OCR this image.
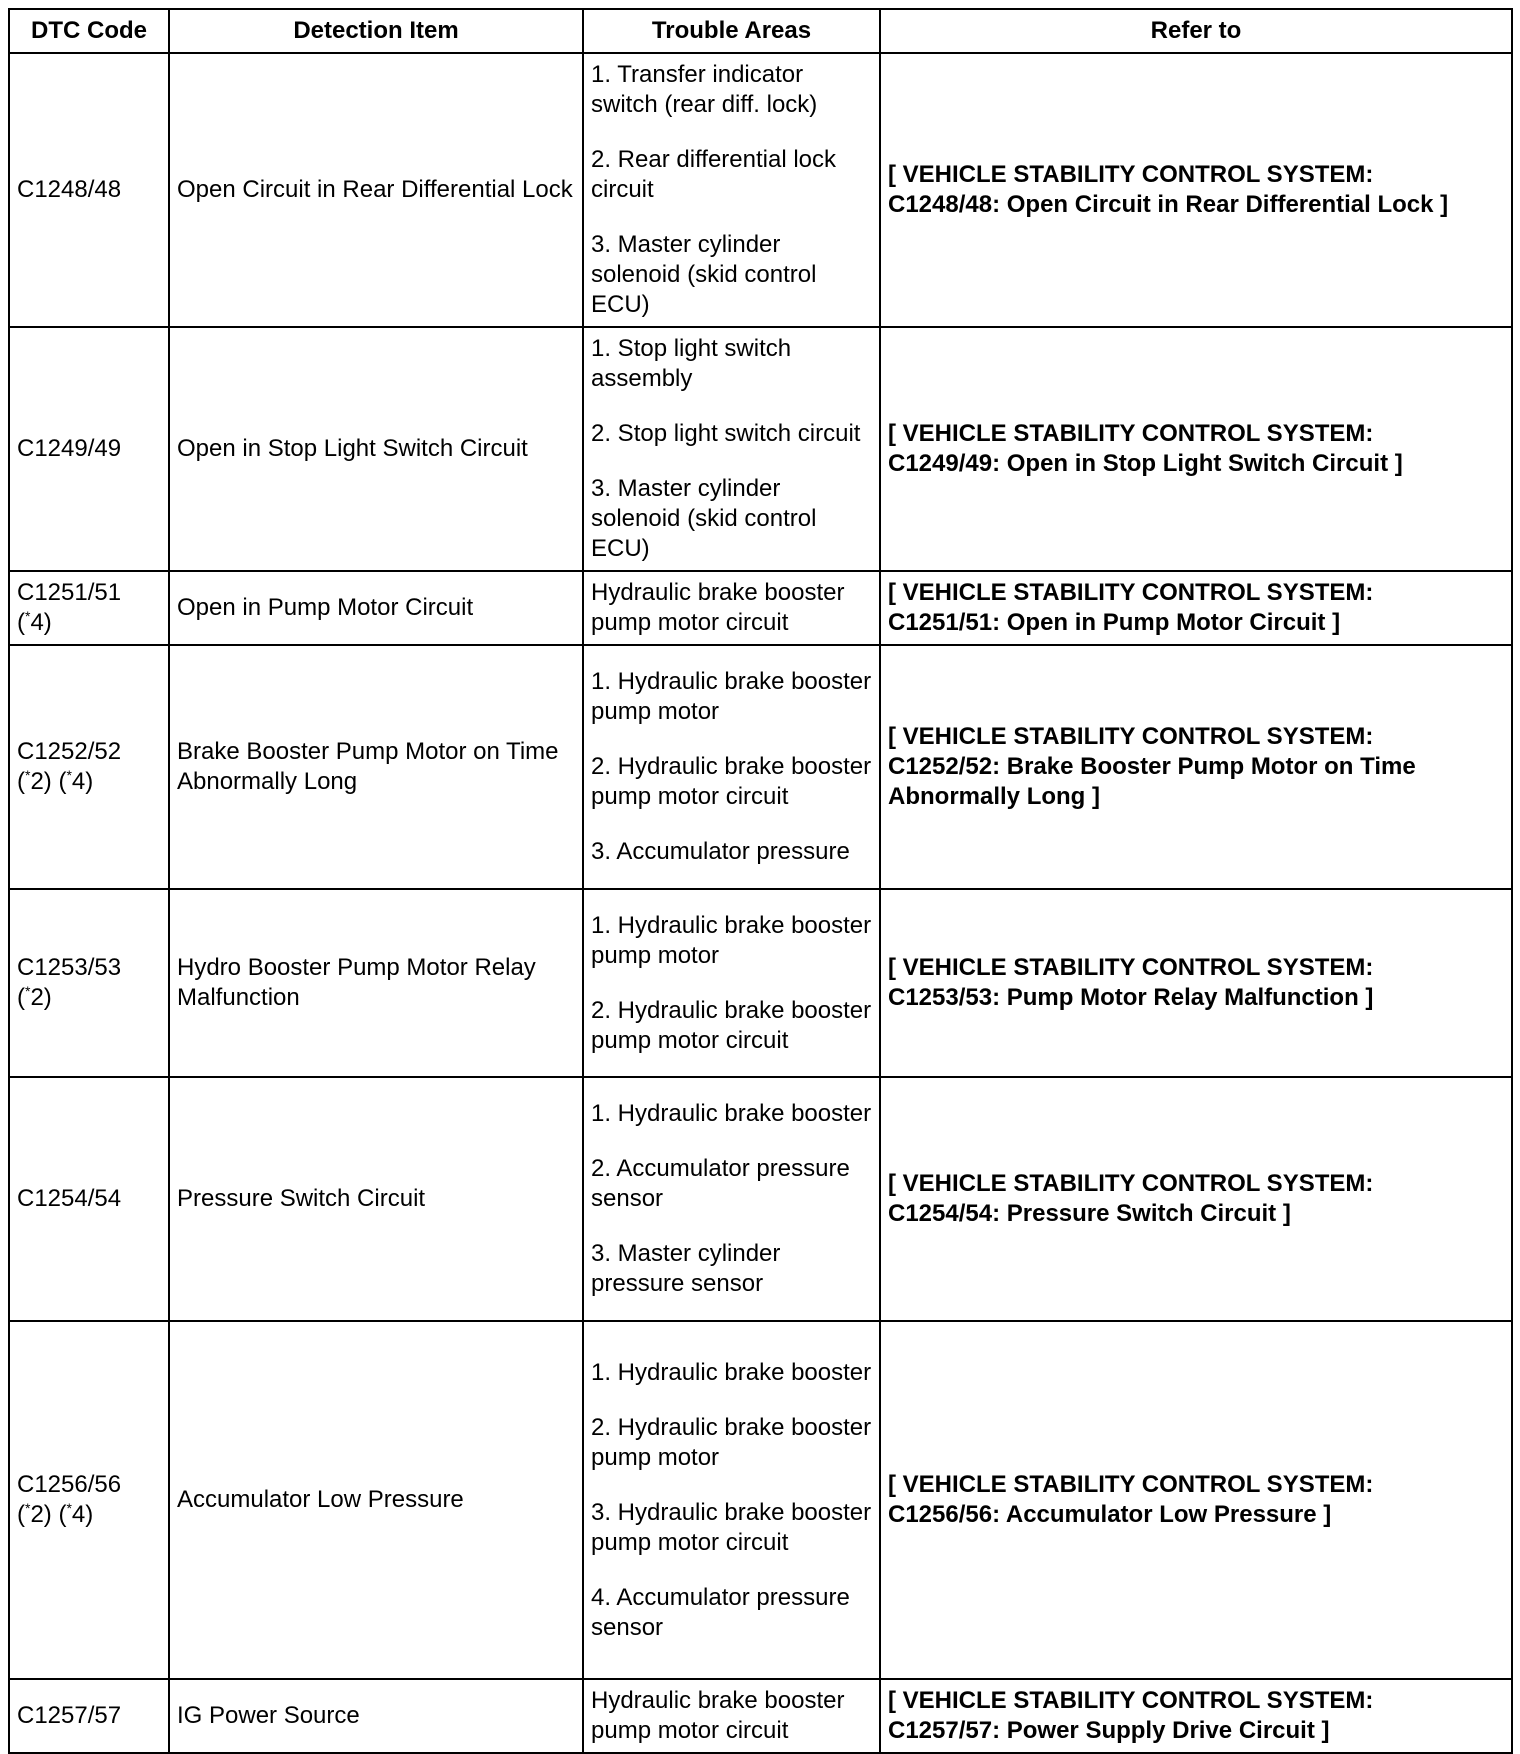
DTC Code	Detection Item	Trouble Areas	Refer to

C1248/48	Open Circuit in Rear Differential Lock	1. Transfer indicator switch (rear diff. lock)
2. Rear differential lock circuit
3. Master cylinder solenoid (skid control ECU)	[ VEHICLE STABILITY CONTROL SYSTEM:
C1248/48: Open Circuit in Rear Differential Lock ]

C1249/49	Open in Stop Light Switch Circuit	1. Stop light switch assembly
2. Stop light switch circuit
3. Master cylinder solenoid (skid control ECU)	[ VEHICLE STABILITY CONTROL SYSTEM:
C1249/49: Open in Stop Light Switch Circuit ]

C1251/51
(*4)	Open in Pump Motor Circuit	Hydraulic brake booster pump motor circuit	[ VEHICLE STABILITY CONTROL SYSTEM:
C1251/51: Open in Pump Motor Circuit ]

C1252/52
(*2) (*4)	Brake Booster Pump Motor on Time Abnormally Long	1. Hydraulic brake booster pump motor
2. Hydraulic brake booster pump motor circuit
3. Accumulator pressure	[ VEHICLE STABILITY CONTROL SYSTEM:
C1252/52: Brake Booster Pump Motor on Time Abnormally Long ]

C1253/53
(*2)	Hydro Booster Pump Motor Relay Malfunction	1. Hydraulic brake booster pump motor
2. Hydraulic brake booster pump motor circuit	[ VEHICLE STABILITY CONTROL SYSTEM:
C1253/53: Pump Motor Relay Malfunction ]

C1254/54	Pressure Switch Circuit	1. Hydraulic brake booster
2. Accumulator pressure sensor
3. Master cylinder pressure sensor	[ VEHICLE STABILITY CONTROL SYSTEM:
C1254/54: Pressure Switch Circuit ]

C1256/56
(*2) (*4)	Accumulator Low Pressure	1. Hydraulic brake booster
2. Hydraulic brake booster pump motor
3. Hydraulic brake booster pump motor circuit
4. Accumulator pressure sensor	[ VEHICLE STABILITY CONTROL SYSTEM:
C1256/56: Accumulator Low Pressure ]

C1257/57	IG Power Source	Hydraulic brake booster pump motor circuit	[ VEHICLE STABILITY CONTROL SYSTEM:
C1257/57: Power Supply Drive Circuit ]
